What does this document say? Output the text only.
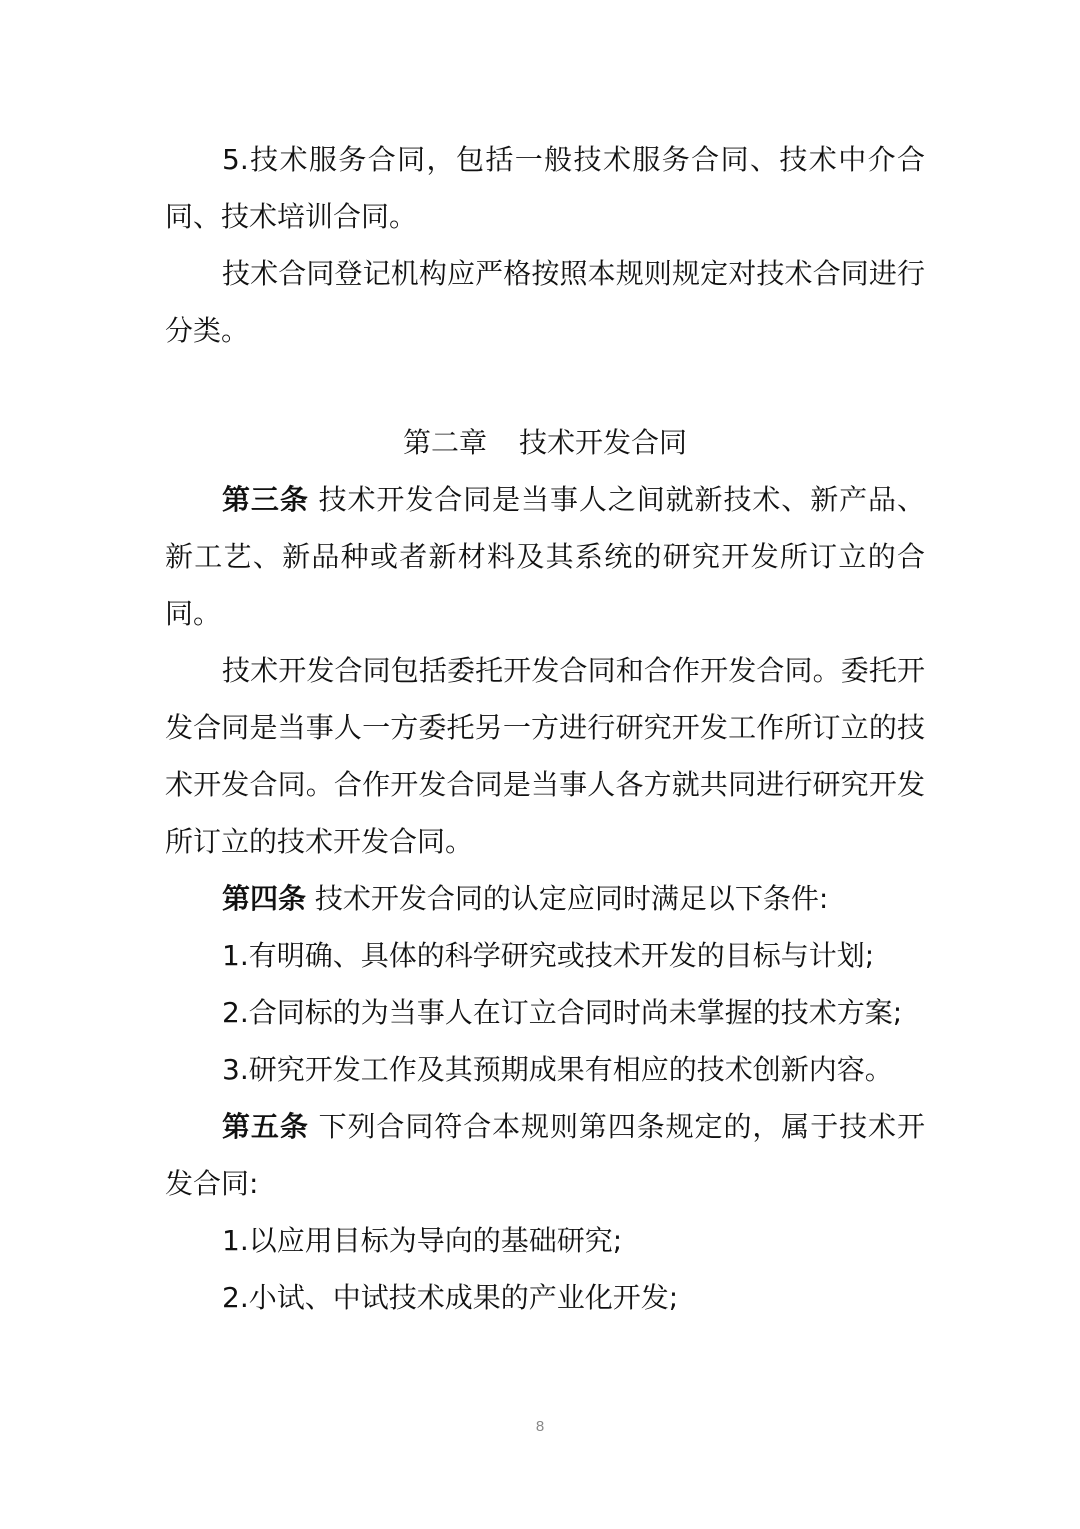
5.技术服务合同，包括一般技术服务合同、技术中介合同、技术培训合同。

技术合同登记机构应严格按照本规则规定对技术合同进行分类。

第二章 技术开发合同

第三条 技术开发合同是当事人之间就新技术、新产品、新工艺、新品种或者新材料及其系统的研究开发所订立的合同。

技术开发合同包括委托开发合同和合作开发合同。委托开发合同是当事人一方委托另一方进行研究开发工作所订立的技术开发合同。合作开发合同是当事人各方就共同进行研究开发所订立的技术开发合同。

第四条 技术开发合同的认定应同时满足以下条件:

1.有明确、具体的科学研究或技术开发的目标与计划;

2.合同标的为当事人在订立合同时尚未掌握的技术方案;

3.研究开发工作及其预期成果有相应的技术创新内容。

第五条 下列合同符合本规则第四条规定的，属于技术开发合同:

1.以应用目标为导向的基础研究;

2.小试、中试技术成果的产业化开发;

8
